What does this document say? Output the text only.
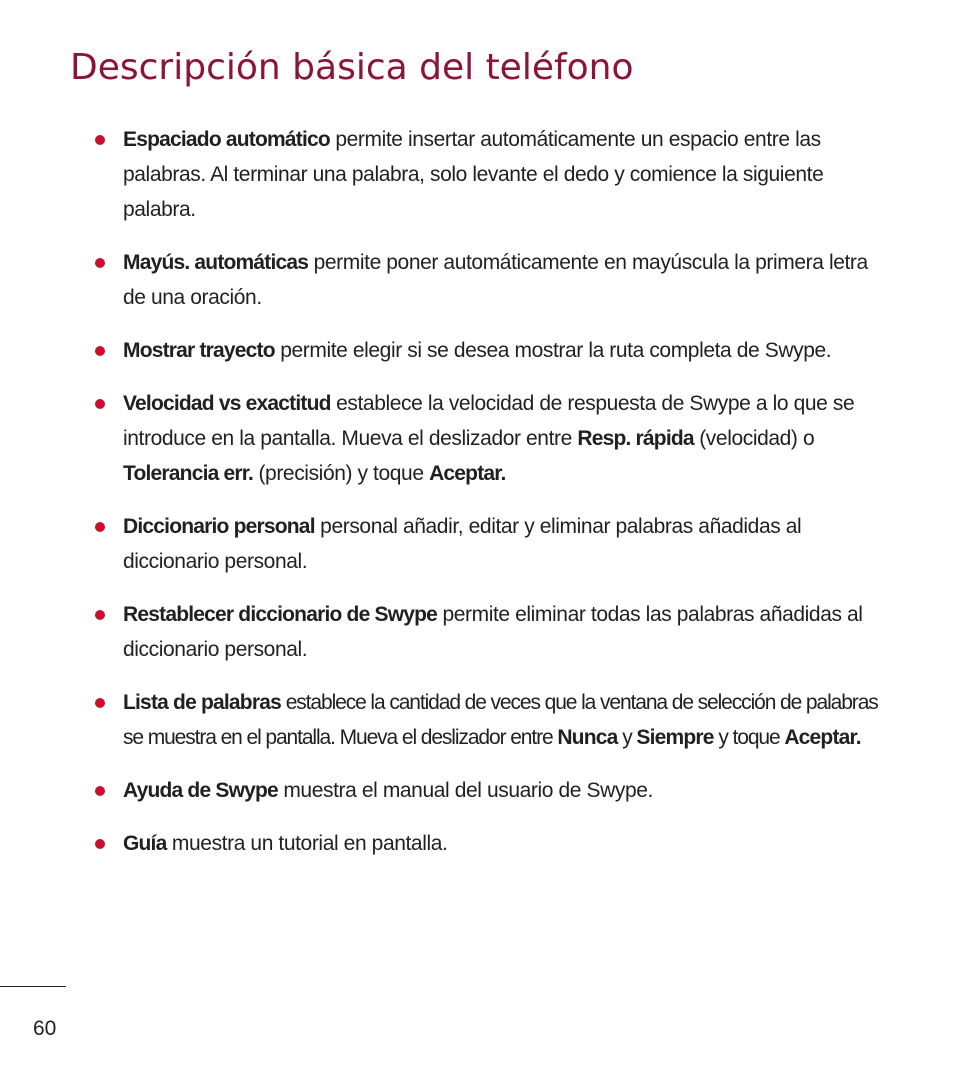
Descripción básica del teléfono
Espaciado automático permite insertar automáticamente un espacio entre las palabras. Al terminar una palabra, solo levante el dedo y comience la siguiente palabra.
Mayús. automáticas permite poner automáticamente en mayúscula la primera letra de una oración.
Mostrar trayecto permite elegir si se desea mostrar la ruta completa de Swype.
Velocidad vs exactitud establece la velocidad de respuesta de Swype a lo que se introduce en la pantalla. Mueva el deslizador entre Resp. rápida (velocidad) o Tolerancia err. (precisión) y toque Aceptar.
Diccionario personal personal añadir, editar y eliminar palabras añadidas al diccionario personal.
Restablecer diccionario de Swype permite eliminar todas las palabras añadidas al diccionario personal.
Lista de palabras establece la cantidad de veces que la ventana de selección de palabras se muestra en el pantalla. Mueva el deslizador entre Nunca y Siempre y toque Aceptar.
Ayuda de Swype muestra el manual del usuario de Swype.
Guía muestra un tutorial en pantalla.
60
